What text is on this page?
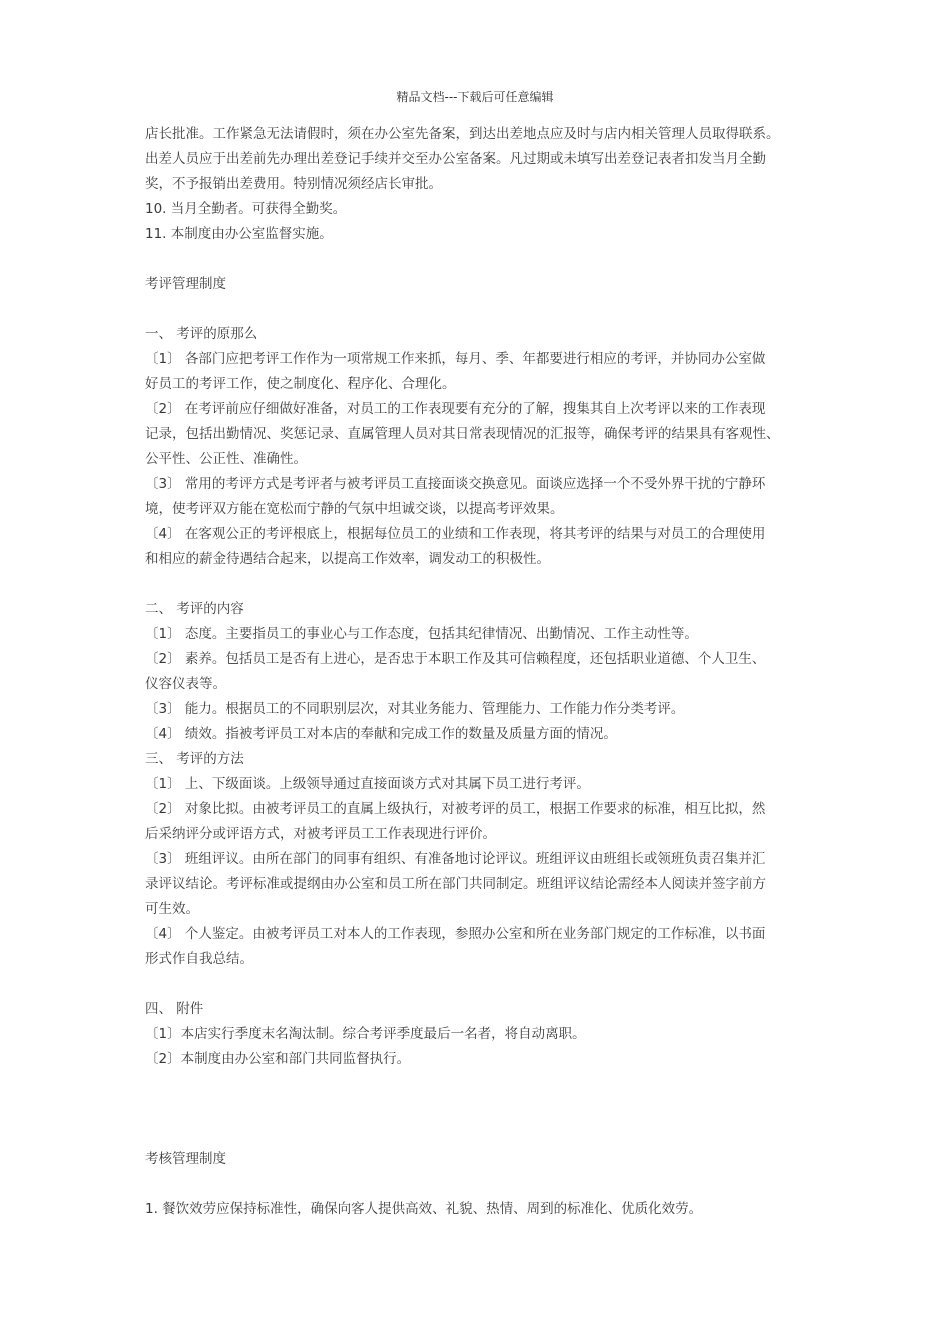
精品文档---下载后可任意编辑
店长批准。工作紧急无法请假时，须在办公室先备案，到达出差地点应及时与店内相关管理人员取得联系。
出差人员应于出差前先办理出差登记手续并交至办公室备案。凡过期或未填写出差登记表者扣发当月全勤
奖，不予报销出差费用。特别情况须经店长审批。
10. 当月全勤者。可获得全勤奖。
11. 本制度由办公室监督实施。
考评管理制度
一、 考评的原那么
〔1〕 各部门应把考评工作作为一项常规工作来抓，每月、季、年都要进行相应的考评，并协同办公室做
好员工的考评工作，使之制度化、程序化、合理化。
〔2〕 在考评前应仔细做好准备，对员工的工作表现要有充分的了解，搜集其自上次考评以来的工作表现
记录，包括出勤情况、奖惩记录、直属管理人员对其日常表现情况的汇报等，确保考评的结果具有客观性、
公平性、公正性、准确性。
〔3〕 常用的考评方式是考评者与被考评员工直接面谈交换意见。面谈应选择一个不受外界干扰的宁静环
境，使考评双方能在宽松而宁静的气氛中坦诚交谈，以提高考评效果。
〔4〕 在客观公正的考评根底上，根据每位员工的业绩和工作表现，将其考评的结果与对员工的合理使用
和相应的薪金待遇结合起来，以提高工作效率，调发动工的积极性。
二、 考评的内容
〔1〕 态度。主要指员工的事业心与工作态度，包括其纪律情况、出勤情况、工作主动性等。
〔2〕 素养。包括员工是否有上进心，是否忠于本职工作及其可信赖程度，还包括职业道德、个人卫生、
仪容仪表等。
〔3〕 能力。根据员工的不同职别层次，对其业务能力、管理能力、工作能力作分类考评。
〔4〕 绩效。指被考评员工对本店的奉献和完成工作的数量及质量方面的情况。
三、 考评的方法
〔1〕 上、下级面谈。上级领导通过直接面谈方式对其属下员工进行考评。
〔2〕 对象比拟。由被考评员工的直属上级执行，对被考评的员工，根据工作要求的标准，相互比拟，然
后采纳评分或评语方式，对被考评员工工作表现进行评价。
〔3〕 班组评议。由所在部门的同事有组织、有准备地讨论评议。班组评议由班组长或领班负责召集并汇
录评议结论。考评标准或提纲由办公室和员工所在部门共同制定。班组评议结论需经本人阅读并签字前方
可生效。
〔4〕 个人鉴定。由被考评员工对本人的工作表现，参照办公室和所在业务部门规定的工作标准，以书面
形式作自我总结。
四、 附件
〔1〕本店实行季度末名淘汰制。综合考评季度最后一名者，将自动离职。
〔2〕本制度由办公室和部门共同监督执行。
考核管理制度
1. 餐饮效劳应保持标准性，确保向客人提供高效、礼貌、热情、周到的标准化、优质化效劳。
